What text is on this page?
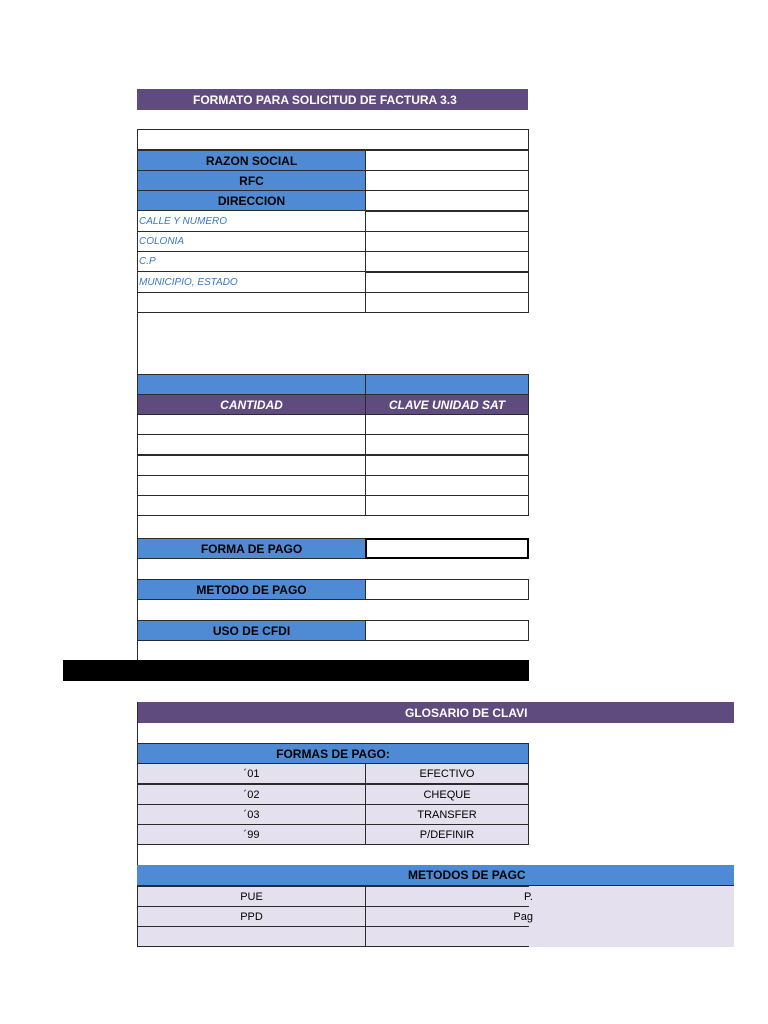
FORMATO PARA SOLICITUD DE FACTURA 3.3
RAZON SOCIAL
RFC
DIRECCION
CALLE Y NUMERO
COLONIA
C.P
MUNICIPIO, ESTADO
CANTIDAD	CLAVE UNIDAD SAT
FORMA DE PAGO
METODO DE PAGO
USO DE CFDI
GLOSARIO DE CLAVI
FORMAS DE PAGO:
´01	EFECTIVO
´02	CHEQUE
´03	TRANSFER
´99	P/DEFINIR
METODOS DE PAGC
PUE	P.
PPD	Pag
